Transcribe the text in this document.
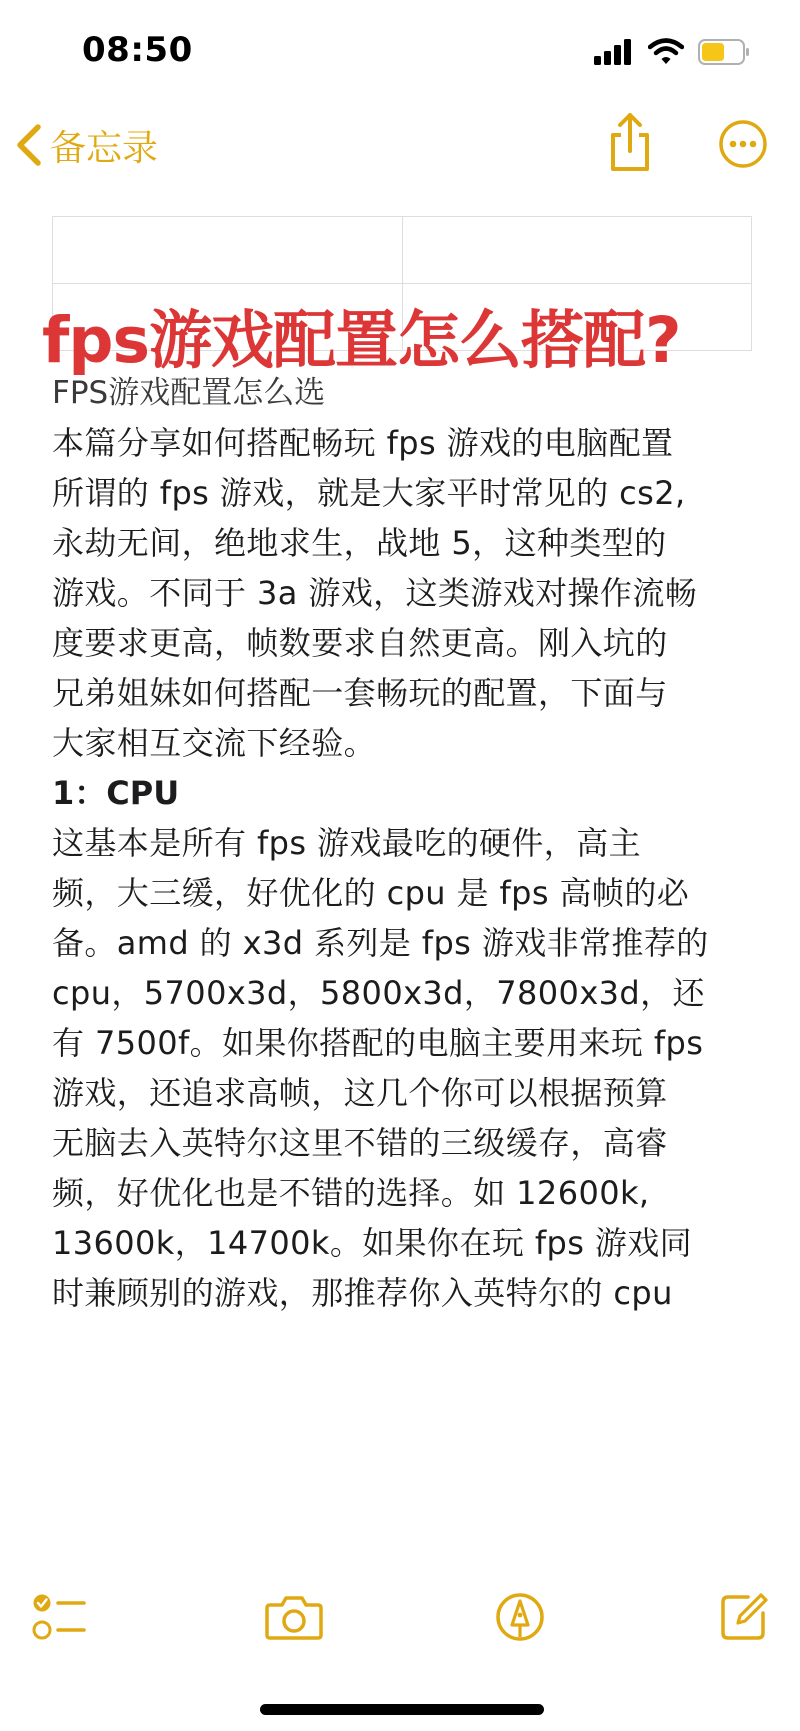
08:50
备忘录

fps游戏配置怎么搭配?
FPS游戏配置怎么选
本篇分享如何搭配畅玩 fps 游戏的电脑配置
所谓的 fps 游戏，就是大家平时常见的 cs2,
永劫无间，绝地求生，战地 5，这种类型的
游戏。不同于 3a 游戏，这类游戏对操作流畅
度要求更高，帧数要求自然更高。刚入坑的
兄弟姐妹如何搭配一套畅玩的配置，下面与
大家相互交流下经验。
1：CPU
这基本是所有 fps 游戏最吃的硬件，高主
频，大三缓，好优化的 cpu 是 fps 高帧的必
备。amd 的 x3d 系列是 fps 游戏非常推荐的
cpu，5700x3d，5800x3d，7800x3d，还
有 7500f。如果你搭配的电脑主要用来玩 fps
游戏，还追求高帧，这几个你可以根据预算
无脑去入英特尔这里不错的三级缓存，高睿
频，好优化也是不错的选择。如 12600k,
13600k，14700k。如果你在玩 fps 游戏同
时兼顾别的游戏，那推荐你入英特尔的 cpu
